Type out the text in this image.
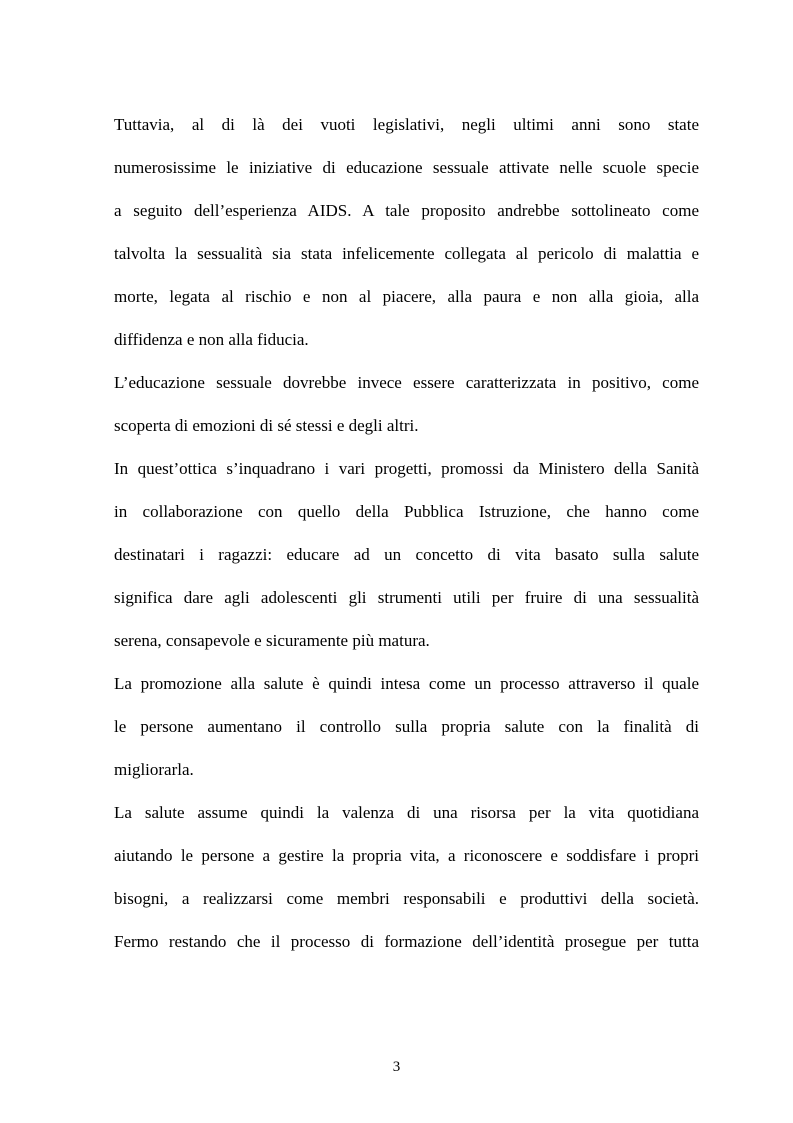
Tuttavia, al di là dei vuoti legislativi, negli ultimi anni sono state
numerosissime le iniziative di educazione sessuale attivate nelle scuole specie
a seguito dell’esperienza AIDS. A tale proposito andrebbe sottolineato come
talvolta la sessualità sia stata infelicemente collegata al pericolo di malattia e
morte, legata al rischio e non al piacere, alla paura e non alla gioia, alla
diffidenza e non alla fiducia.
L’educazione sessuale dovrebbe invece essere caratterizzata in positivo, come
scoperta di emozioni di sé stessi e degli altri.
In quest’ottica s’inquadrano i vari progetti, promossi da Ministero della Sanità
in collaborazione con quello della Pubblica Istruzione, che hanno come
destinatari i ragazzi: educare ad un concetto di vita basato sulla salute
significa dare agli adolescenti gli strumenti utili per fruire di una sessualità
serena, consapevole e sicuramente più matura.
La promozione alla salute è quindi intesa come un processo attraverso il quale
le persone aumentano il controllo sulla propria salute con la finalità di
migliorarla.
La salute assume quindi la valenza di una risorsa per la vita quotidiana
aiutando le persone a gestire la propria vita, a riconoscere e soddisfare i propri
bisogni, a realizzarsi come membri responsabili e produttivi della società.
Fermo restando che il processo di formazione dell’identità prosegue per tutta
3
